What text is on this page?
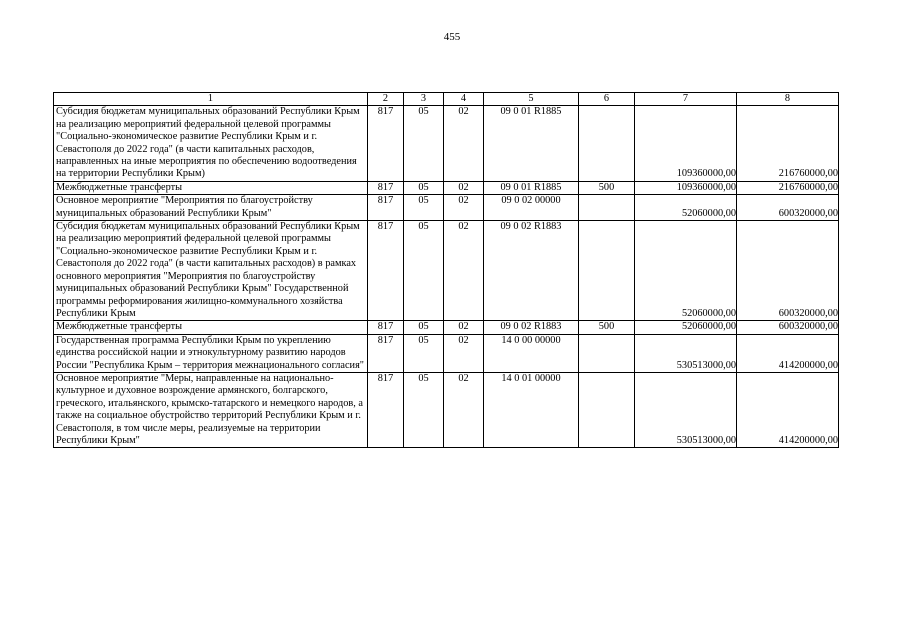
455
1	2	3	4	5	6	7	8
Субсидия бюджетам муниципальных образований Республики Крым на реализацию мероприятий федеральной целевой программы "Социально-экономическое развитие Республики Крым и г. Севастополя до 2022 года" (в части капитальных расходов, направленных на иные мероприятия по обеспечению водоотведения на территории Республики Крым)	817	05	02	09 0 01 R1885		109360000,00	216760000,00
Межбюджетные трансферты	817	05	02	09 0 01 R1885	500	109360000,00	216760000,00
Основное мероприятие "Мероприятия по благоустройству муниципальных образований Республики Крым"	817	05	02	09 0 02 00000		52060000,00	600320000,00
Субсидия бюджетам муниципальных образований Республики Крым на реализацию мероприятий федеральной целевой программы "Социально-экономическое развитие Республики Крым и г. Севастополя до 2022 года" (в части капитальных расходов) в рамках основного мероприятия "Мероприятия по благоустройству муниципальных образований Республики Крым" Государственной программы реформирования жилищно-коммунального хозяйства Республики Крым	817	05	02	09 0 02 R1883		52060000,00	600320000,00
Межбюджетные трансферты	817	05	02	09 0 02 R1883	500	52060000,00	600320000,00
Государственная программа Республики Крым по укреплению единства российской нации и этнокультурному развитию народов России "Республика Крым – территория межнационального согласия"	817	05	02	14 0 00 00000		530513000,00	414200000,00
Основное мероприятие "Меры, направленные на национально-культурное и духовное возрождение армянского, болгарского, греческого, итальянского, крымско-татарского и немецкого народов, а также на социальное обустройство территорий Республики Крым и г. Севастополя, в том числе меры, реализуемые на территории Республики Крым"	817	05	02	14 0 01 00000		530513000,00	414200000,00
